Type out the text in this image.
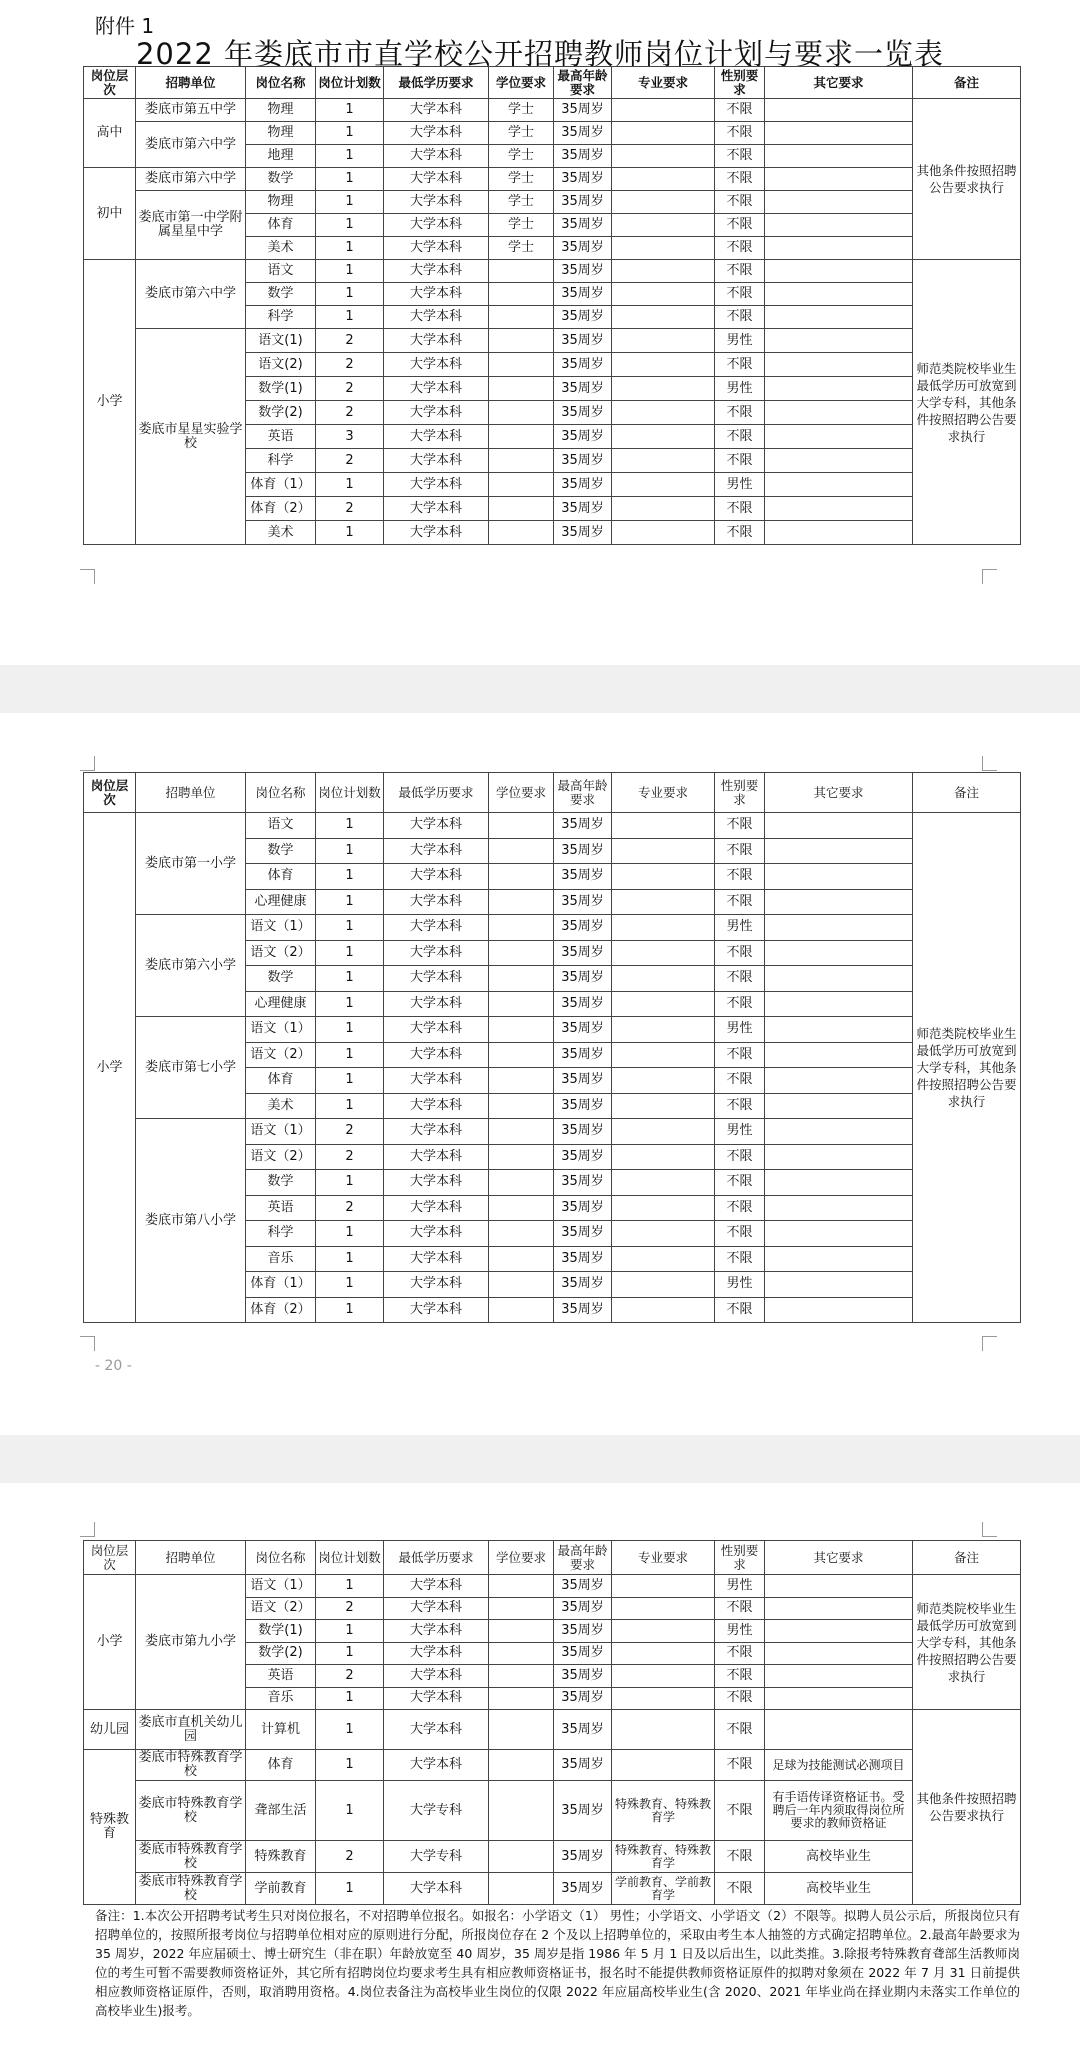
附件 1
2022 年娄底市市直学校公开招聘教师岗位计划与要求一览表
岗位层次	招聘单位	岗位名称	岗位计划数	最低学历要求	学位要求	最高年龄要求	专业要求	性别要求	其它要求	备注
高中	娄底市第五中学	物理	1	大学本科	学士	35周岁		不限		其他条件按照招聘公告要求执行
	娄底市第六中学	物理	1	大学本科	学士	35周岁		不限		
		地理	1	大学本科	学士	35周岁		不限		
初中	娄底市第六中学	数学	1	大学本科	学士	35周岁		不限		
	娄底市第一中学附属星星中学	物理	1	大学本科	学士	35周岁		不限		
		体育	1	大学本科	学士	35周岁		不限		
		美术	1	大学本科	学士	35周岁		不限		
小学	娄底市第六中学	语文	1	大学本科		35周岁		不限		师范类院校毕业生最低学历可放宽到大学专科，其他条件按照招聘公告要求执行
		数学	1	大学本科		35周岁		不限		
		科学	1	大学本科		35周岁		不限		
	娄底市星星实验学校	语文(1)	2	大学本科		35周岁		男性		
		语文(2)	2	大学本科		35周岁		不限		
		数学(1)	2	大学本科		35周岁		男性		
		数学(2)	2	大学本科		35周岁		不限		
		英语	3	大学本科		35周岁		不限		
		科学	2	大学本科		35周岁		不限		
		体育（1）	1	大学本科		35周岁		男性		
		体育（2）	2	大学本科		35周岁		不限		
		美术	1	大学本科		35周岁		不限		
岗位层次	招聘单位	岗位名称	岗位计划数	最低学历要求	学位要求	最高年龄要求	专业要求	性别要求	其它要求	备注
小学	娄底市第一小学	语文	1	大学本科		35周岁		不限		师范类院校毕业生最低学历可放宽到大学专科，其他条件按照招聘公告要求执行
		数学	1	大学本科		35周岁		不限		
		体育	1	大学本科		35周岁		不限		
		心理健康	1	大学本科		35周岁		不限		
	娄底市第六小学	语文（1）	1	大学本科		35周岁		男性		
		语文（2）	1	大学本科		35周岁		不限		
		数学	1	大学本科		35周岁		不限		
		心理健康	1	大学本科		35周岁		不限		
	娄底市第七小学	语文（1）	1	大学本科		35周岁		男性		
		语文（2）	1	大学本科		35周岁		不限		
		体育	1	大学本科		35周岁		不限		
		美术	1	大学本科		35周岁		不限		
	娄底市第八小学	语文（1）	2	大学本科		35周岁		男性		
		语文（2）	2	大学本科		35周岁		不限		
		数学	1	大学本科		35周岁		不限		
		英语	2	大学本科		35周岁		不限		
		科学	1	大学本科		35周岁		不限		
		音乐	1	大学本科		35周岁		不限		
		体育（1）	1	大学本科		35周岁		男性		
		体育（2）	1	大学本科		35周岁		不限		
- 20 -
岗位层次	招聘单位	岗位名称	岗位计划数	最低学历要求	学位要求	最高年龄要求	专业要求	性别要求	其它要求	备注
小学	娄底市第九小学	语文（1）	1	大学本科		35周岁		男性		师范类院校毕业生最低学历可放宽到大学专科，其他条件按照招聘公告要求执行
		语文（2）	2	大学本科		35周岁		不限		
		数学(1)	1	大学本科		35周岁		男性		
		数学(2)	1	大学本科		35周岁		不限		
		英语	2	大学本科		35周岁		不限		
		音乐	1	大学本科		35周岁		不限		
幼儿园	娄底市直机关幼儿园	计算机	1	大学本科		35周岁		不限		其他条件按照招聘公告要求执行
特殊教育	娄底市特殊教育学校	体育	1	大学本科		35周岁		不限	足球为技能测试必测项目	
	娄底市特殊教育学校	聋部生活	1	大学专科		35周岁	特殊教育、特殊教育学	不限	有手语传译资格证书。受聘后一年内须取得岗位所要求的教师资格证	
	娄底市特殊教育学校	特殊教育	2	大学专科		35周岁	特殊教育、特殊教育学	不限	高校毕业生	
	娄底市特殊教育学校	学前教育	1	大学本科		35周岁	学前教育、学前教育学	不限	高校毕业生	
备注：1.本次公开招聘考试考生只对岗位报名，不对招聘单位报名。如报名：小学语文（1） 男性；小学语文、小学语文（2）不限等。拟聘人员公示后，所报岗位只有招聘单位的，按照所报考岗位与招聘单位相对应的原则进行分配，所报岗位存在 2 个及以上招聘单位的，采取由考生本人抽签的方式确定招聘单位。2.最高年龄要求为 35 周岁，2022 年应届硕士、博士研究生（非在职）年龄放宽至 40 周岁，35 周岁是指 1986 年 5 月 1 日及以后出生，以此类推。3.除报考特殊教育聋部生活教师岗位的考生可暂不需要教师资格证外，其它所有招聘岗位均要求考生具有相应教师资格证书，报名时不能提供教师资格证原件的拟聘对象须在 2022 年 7 月 31 日前提供相应教师资格证原件，否则，取消聘用资格。4.岗位表备注为高校毕业生岗位的仅限 2022 年应届高校毕业生(含 2020、2021 年毕业尚在择业期内未落实工作单位的高校毕业生)报考。
